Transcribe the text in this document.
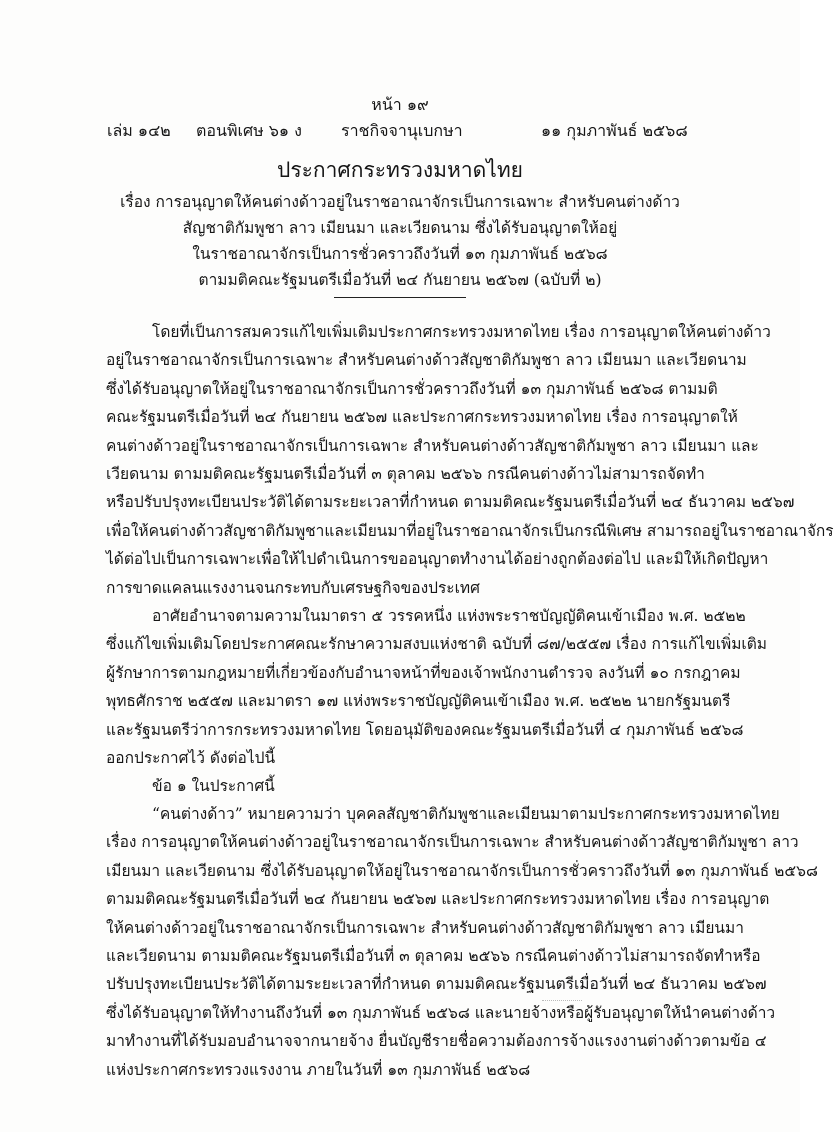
หน้า ๑๙
เล่ม ๑๔๒ ตอนพิเศษ ๖๑ ง ราชกิจจานุเบกษา	๑๑ กุมภาพันธ์ ๒๕๖๘
ประกาศกระทรวงมหาดไทย
เรื่อง การอนุญาตให้คนต่างด้าวอยู่ในราชอาณาจักรเป็นการเฉพาะ สำหรับคนต่างด้าว
สัญชาติกัมพูชา ลาว เมียนมา และเวียดนาม ซึ่งได้รับอนุญาตให้อยู่
ในราชอาณาจักรเป็นการชั่วคราวถึงวันที่ ๑๓ กุมภาพันธ์ ๒๕๖๘
ตามมติคณะรัฐมนตรีเมื่อวันที่ ๒๔ กันยายน ๒๕๖๗ (ฉบับที่ ๒)
โดยที่เป็นการสมควรแก้ไขเพิ่มเติมประกาศกระทรวงมหาดไทย เรื่อง การอนุญาตให้คนต่างด้าว
อยู่ในราชอาณาจักรเป็นการเฉพาะ สำหรับคนต่างด้าวสัญชาติกัมพูชา ลาว เมียนมา และเวียดนาม
ซึ่งได้รับอนุญาตให้อยู่ในราชอาณาจักรเป็นการชั่วคราวถึงวันที่ ๑๓ กุมภาพันธ์ ๒๕๖๘ ตามมติ
คณะรัฐมนตรีเมื่อวันที่ ๒๔ กันยายน ๒๕๖๗ และประกาศกระทรวงมหาดไทย เรื่อง การอนุญาตให้
คนต่างด้าวอยู่ในราชอาณาจักรเป็นการเฉพาะ สำหรับคนต่างด้าวสัญชาติกัมพูชา ลาว เมียนมา และ
เวียดนาม ตามมติคณะรัฐมนตรีเมื่อวันที่ ๓ ตุลาคม ๒๕๖๖ กรณีคนต่างด้าวไม่สามารถจัดทำ
หรือปรับปรุงทะเบียนประวัติได้ตามระยะเวลาที่กำหนด ตามมติคณะรัฐมนตรีเมื่อวันที่ ๒๔ ธันวาคม ๒๕๖๗
เพื่อให้คนต่างด้าวสัญชาติกัมพูชาและเมียนมาที่อยู่ในราชอาณาจักรเป็นกรณีพิเศษ สามารถอยู่ในราชอาณาจักร
ได้ต่อไปเป็นการเฉพาะเพื่อให้ไปดำเนินการขออนุญาตทำงานได้อย่างถูกต้องต่อไป และมิให้เกิดปัญหา
การขาดแคลนแรงงานจนกระทบกับเศรษฐกิจของประเทศ
อาศัยอำนาจตามความในมาตรา ๕ วรรคหนึ่ง แห่งพระราชบัญญัติคนเข้าเมือง พ.ศ. ๒๕๒๒
ซึ่งแก้ไขเพิ่มเติมโดยประกาศคณะรักษาความสงบแห่งชาติ ฉบับที่ ๘๗/๒๕๕๗ เรื่อง การแก้ไขเพิ่มเติม
ผู้รักษาการตามกฎหมายที่เกี่ยวข้องกับอำนาจหน้าที่ของเจ้าพนักงานตำรวจ ลงวันที่ ๑๐ กรกฎาคม
พุทธศักราช ๒๕๕๗ และมาตรา ๑๗ แห่งพระราชบัญญัติคนเข้าเมือง พ.ศ. ๒๕๒๒ นายกรัฐมนตรี
และรัฐมนตรีว่าการกระทรวงมหาดไทย โดยอนุมัติของคณะรัฐมนตรีเมื่อวันที่ ๔ กุมภาพันธ์ ๒๕๖๘
ออกประกาศไว้ ดังต่อไปนี้
ข้อ ๑ ในประกาศนี้
“คนต่างด้าว” หมายความว่า บุคคลสัญชาติกัมพูชาและเมียนมาตามประกาศกระทรวงมหาดไทย
เรื่อง การอนุญาตให้คนต่างด้าวอยู่ในราชอาณาจักรเป็นการเฉพาะ สำหรับคนต่างด้าวสัญชาติกัมพูชา ลาว
เมียนมา และเวียดนาม ซึ่งได้รับอนุญาตให้อยู่ในราชอาณาจักรเป็นการชั่วคราวถึงวันที่ ๑๓ กุมภาพันธ์ ๒๕๖๘
ตามมติคณะรัฐมนตรีเมื่อวันที่ ๒๔ กันยายน ๒๕๖๗ และประกาศกระทรวงมหาดไทย เรื่อง การอนุญาต
ให้คนต่างด้าวอยู่ในราชอาณาจักรเป็นการเฉพาะ สำหรับคนต่างด้าวสัญชาติกัมพูชา ลาว เมียนมา
และเวียดนาม ตามมติคณะรัฐมนตรีเมื่อวันที่ ๓ ตุลาคม ๒๕๖๖ กรณีคนต่างด้าวไม่สามารถจัดทำหรือ
ปรับปรุงทะเบียนประวัติได้ตามระยะเวลาที่กำหนด ตามมติคณะรัฐมนตรีเมื่อวันที่ ๒๔ ธันวาคม ๒๕๖๗
ซึ่งได้รับอนุญาตให้ทำงานถึงวันที่ ๑๓ กุมภาพันธ์ ๒๕๖๘ และนายจ้างหรือผู้รับอนุญาตให้นำคนต่างด้าว
มาทำงานที่ได้รับมอบอำนาจจากนายจ้าง ยื่นบัญชีรายชื่อความต้องการจ้างแรงงานต่างด้าวตามข้อ ๔
แห่งประกาศกระทรวงแรงงาน ภายในวันที่ ๑๓ กุมภาพันธ์ ๒๕๖๘
